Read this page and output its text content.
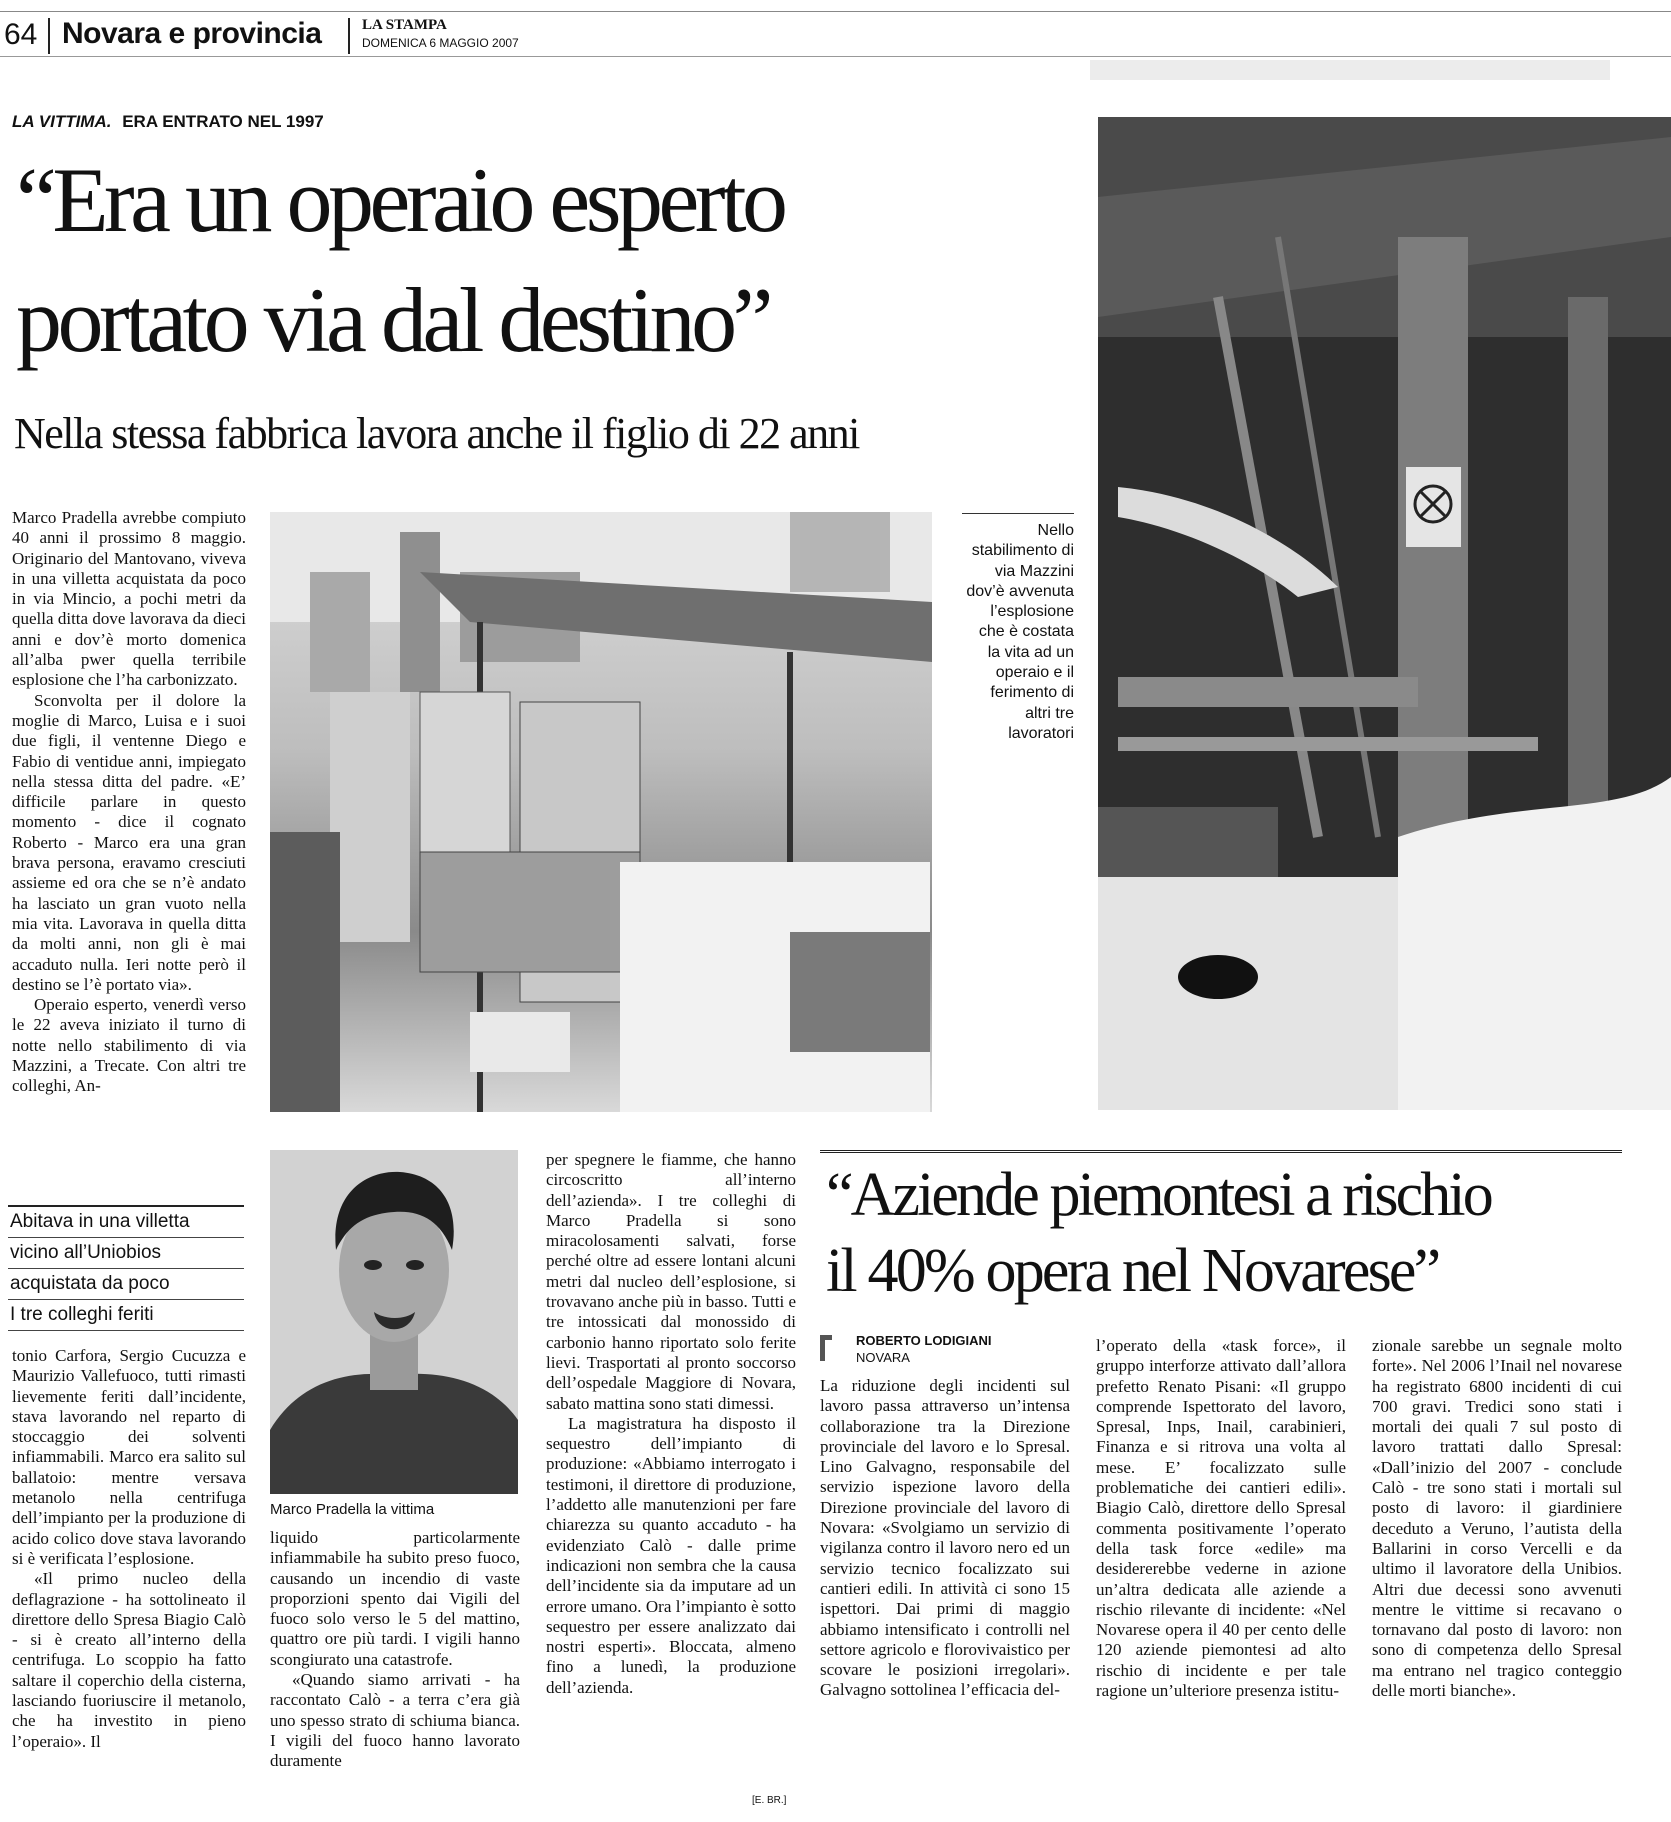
64 Novara e provincia	LA STAMPA
DOMENICA 6 MAGGIO 2007

LA VITTIMA. ERA ENTRATO NEL 1997
“Era un operaio esperto
portato via dal destino”
Nella stessa fabbrica lavora anche il figlio di 22 anni

Marco Pradella avrebbe compiuto 40 anni il prossimo 8 maggio. Originario del Mantovano, viveva in una villetta acquistata da poco in via Mincio, a pochi metri da quella ditta dove lavorava da dieci anni e dov’è morto domenica all’alba pwer quella terribile esplosione che l’ha carbonizzato.

Sconvolta per il dolore la moglie di Marco, Luisa e i suoi due figli, il ventenne Diego e Fabio di ventidue anni, impiegato nella stessa ditta del padre. «E’ difficile parlare in questo momento - dice il cognato Roberto - Marco era una gran brava persona, eravamo cresciuti assieme ed ora che se n’è andato ha lasciato un gran vuoto nella mia vita. Lavorava in quella ditta da molti anni, non gli è mai accaduto nulla. Ieri notte però il destino se l’è portato via».

Operaio esperto, venerdì verso le 22 aveva iniziato il turno di notte nello stabilimento di via Mazzini, a Trecate. Con altri tre colleghi, An-

Abitava in una villetta
vicino all’Uniobios
acquistata da poco
I tre colleghi feriti

tonio Carfora, Sergio Cucuzza e Maurizio Vallefuoco, tutti rimasti lievemente feriti dall’incidente, stava lavorando nel reparto di stoccaggio dei solventi infiammabili. Marco era salito sul ballatoio: mentre versava metanolo nella centrifuga dell’impianto per la produzione di acido colico dove stava lavorando si è verificata l’esplosione.

«Il primo nucleo della deflagrazione - ha sottolineato il direttore dello Spresa Biagio Calò - si è creato all’interno della centrifuga. Lo scoppio ha fatto saltare il coperchio della cisterna, lasciando fuoriuscire il metanolo, che ha investito in pieno l’operaio». Il

Nello stabilimento di via Mazzini dov’è avvenuta l’esplosione che è costata la vita ad un operaio e il ferimento di altri tre lavoratori
Marco Pradella la vittima

liquido particolarmente infiammabile ha subito preso fuoco, causando un incendio di vaste proporzioni spento dai Vigili del fuoco solo verso le 5 del mattino, quattro ore più tardi. I vigili hanno scongiurato una catastrofe.

«Quando siamo arrivati - ha raccontato Calò - a terra c’era già uno spesso strato di schiuma bianca. I vigili del fuoco hanno lavorato duramente

per spegnere le fiamme, che hanno circoscritto all’interno dell’azienda». I tre colleghi di Marco Pradella si sono miracolosamenti salvati, forse perché oltre ad essere lontani alcuni metri dal nucleo dell’esplosione, si trovavano anche più in basso. Tutti e tre intossicati dal monossido di carbonio hanno riportato solo ferite lievi. Trasportati al pronto soccorso dell’ospedale Maggiore di Novara, sabato mattina sono stati dimessi.

La magistratura ha disposto il sequestro dell’impianto di produzione: «Abbiamo interrogato i testimoni, il direttore di produzione, l’addetto alle manutenzioni per fare chiarezza su quanto accaduto - ha evidenziato Calò - dalle prime indicazioni non sembra che la causa dell’incidente sia da imputare ad un errore umano. Ora l’impianto è sotto sequestro per essere analizzato dai nostri esperti». Bloccata, almeno fino a lunedì, la produzione dell’azienda.

[E. BR.]
“Aziende piemontesi a rischio
il 40% opera nel Novarese”
ROBERTO LODIGIANI
NOVARA

La riduzione degli incidenti sul lavoro passa attraverso un’intensa collaborazione tra la Direzione provinciale del lavoro e lo Spresal. Lino Galvagno, responsabile del servizio ispezione lavoro della Direzione provinciale del lavoro di Novara: «Svolgiamo un servizio di vigilanza contro il lavoro nero ed un servizio tecnico focalizzato sui cantieri edili. In attività ci sono 15 ispettori. Dai primi di maggio abbiamo intensificato i controlli nel settore agricolo e florovivaistico per scovare le posizioni irregolari». Galvagno sottolinea l’efficacia del-

l’operato della «task force», il gruppo interforze attivato dall’allora prefetto Renato Pisani: «Il gruppo comprende Ispettorato del lavoro, Spresal, Inps, Inail, carabinieri, Finanza e si ritrova una volta al mese. E’ focalizzato sulle problematiche dei cantieri edili». Biagio Calò, direttore dello Spresal commenta positivamente l’operato della task force «edile» ma desidererebbe vederne in azione un’altra dedicata alle aziende a rischio rilevante di incidente: «Nel Novarese opera il 40 per cento delle 120 aziende piemontesi ad alto rischio di incidente e per tale ragione un’ulteriore presenza istitu-

zionale sarebbe un segnale molto forte». Nel 2006 l’Inail nel novarese ha registrato 6800 incidenti di cui 700 gravi. Tredici sono stati i mortali dei quali 7 sul posto di lavoro trattati dallo Spresal: «Dall’inizio del 2007 - conclude Calò - tre sono stati i mortali sul posto di lavoro: il giardiniere deceduto a Veruno, l’autista della Ballarini in corso Vercelli e da ultimo il lavoratore della Unibios. Altri due decessi sono avvenuti mentre le vittime si recavano o tornavano dal posto di lavoro: non sono di competenza dello Spresal ma entrano nel tragico conteggio delle morti bianche».
